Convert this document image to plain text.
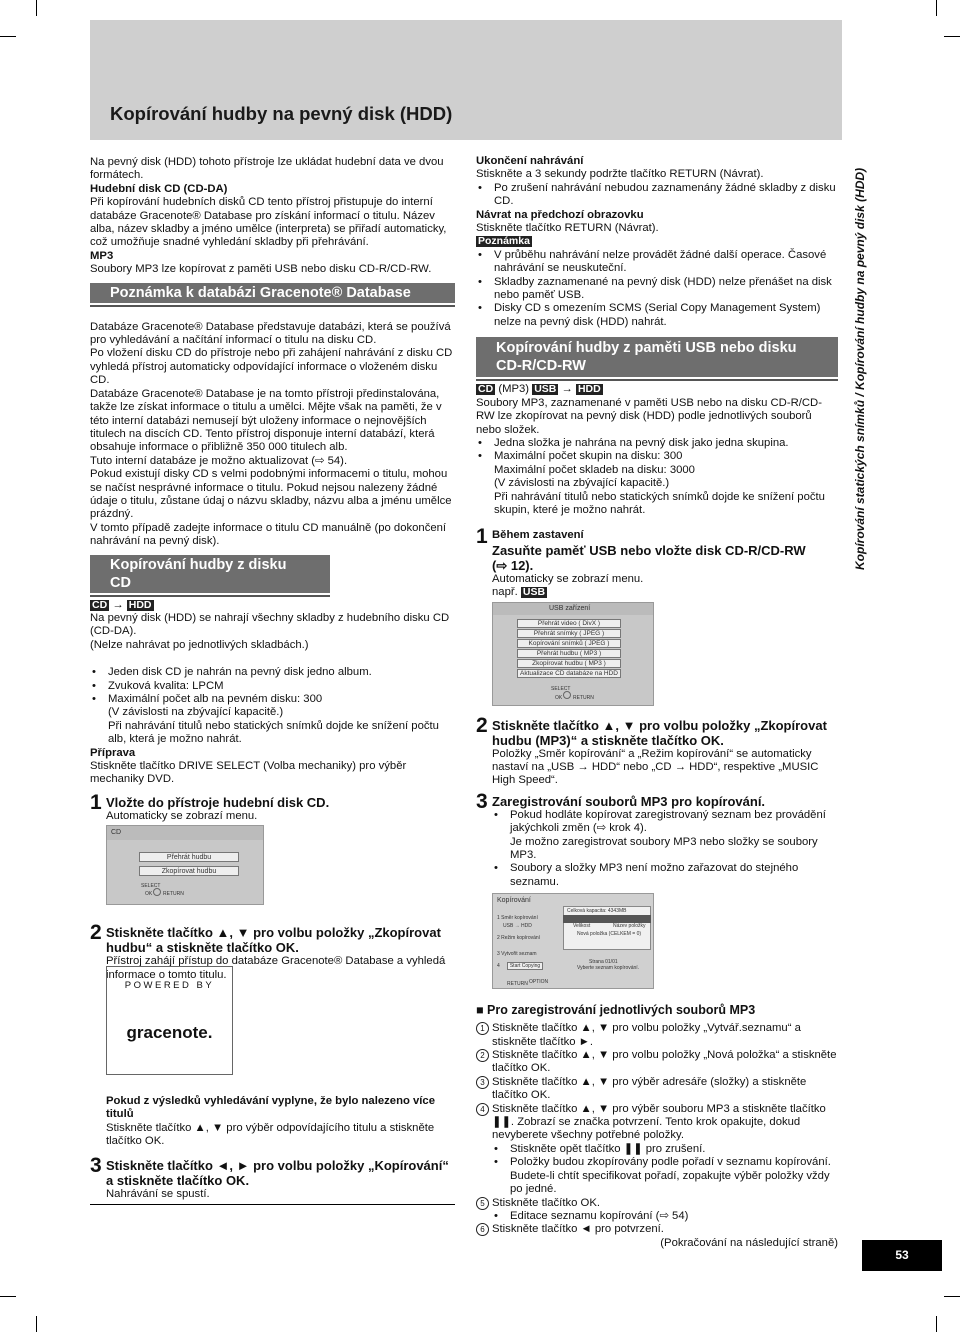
Kopírování hudby na pevný disk (HDD)

Na pevný disk (HDD) tohoto přístroje lze ukládat hudební data ve dvou formátech.

Hudební disk CD (CD-DA)

Při kopírování hudebních disků CD tento přístroj přistupuje do interní databáze Gracenote® Database pro získání informací o titulu. Název alba, název skladby a jméno umělce (interpreta) se přiřadí automaticky, což umožňuje snadné vyhledání skladby při přehrávání.

MP3

Soubory MP3 lze kopírovat z paměti USB nebo disku CD-R/CD-RW.

Poznámka k databázi Gracenote® Database

Databáze Gracenote® Database představuje databázi, která se používá pro vyhledávání a načítání informací o titulu na disku CD.

Po vložení disku CD do přístroje nebo při zahájení nahrávání z disku CD vyhledá přístroj automaticky odpovídající informace o vloženém disku CD.

Databáze Gracenote® Database je na tomto přístroji předinstalována, takže lze získat informace o titulu a umělci. Mějte však na paměti, že v této interní databázi nemusejí být uloženy informace o nejnovějších titulech na discích CD. Tento přístroj disponuje interní databází, která obsahuje informace o přibližně 350 000 titulech alb.

Tuto interní databáze je možno aktualizovat (⇨ 54).

Pokud existují disky CD s velmi podobnými informacemi o titulu, mohou se načíst nesprávné informace o titulu. Pokud nejsou nalezeny žádné údaje o titulu, zůstane údaj o názvu skladby, názvu alba a jménu umělce prázdný.

V tomto případě zadejte informace o titulu CD manuálně (po dokončení nahrávání na pevný disk).

Kopírování hudby z disku CD

CD → HDD

Na pevný disk (HDD) se nahrají všechny skladby z hudebního disku CD (CD-DA).

(Nelze nahrávat po jednotlivých skladbách.)

• Jeden disk CD je nahrán na pevný disk jedno album.
• Zvuková kvalita: LPCM
• Maximální počet alb na pevném disku: 300

(V závislosti na zbývající kapacitě.)

Při nahrávání titulů nebo statických snímků dojde ke snížení počtu alb, která je možno nahrát.

Příprava

Stiskněte tlačítko DRIVE SELECT (Volba mechaniky) pro výběr mechaniky DVD.

1 Vložte do přístroje hudební disk CD.

Automaticky se zobrazí menu.

CD
Přehrát hudbu
Zkopírovat hudbu
SELECT
OK RETURN
2 Stiskněte tlačítko ▲, ▼ pro volbu položky „Zkopírovat

hudbu“ a stiskněte tlačítko OK.

Přístroj zahájí přístup do databáze Gracenote® Database a vyhledá informace o tomto titulu.

POWERED BY
gracenote.

Pokud z výsledků vyhledávání vyplyne, že bylo nalezeno více titulů

Stiskněte tlačítko ▲, ▼ pro výběr odpovídajícího titulu a stiskněte tlačítko OK.

3 Stiskněte tlačítko ◄, ► pro volbu položky „Kopírování“

a stiskněte tlačítko OK.

Nahrávání se spustí.

Ukončení nahrávání

Stiskněte a 3 sekundy podržte tlačítko RETURN (Návrat).

• Po zrušení nahrávání nebudou zaznamenány žádné skladby z disku CD.

Návrat na předchozí obrazovku

Stiskněte tlačítko RETURN (Návrat).

Poznámka

• V průběhu nahrávání nelze provádět žádné další operace. Časové nahrávání se neuskuteční.
• Skladby zaznamenané na pevný disk (HDD) nelze přenášet na disk nebo paměť USB.
• Disky CD s omezením SCMS (Serial Copy Management System) nelze na pevný disk (HDD) nahrát.
Kopírování hudby z paměti USB nebo disku
CD-R/CD-RW

CD (MP3) USB → HDD

Soubory MP3, zaznamenané v paměti USB nebo na disku CD-R/CD-RW lze zkopírovat na pevný disk (HDD) podle jednotlivých souborů nebo složek.

• Jedna složka je nahrána na pevný disk jako jedna skupina.
• Maximální počet skupin na disku: 300

Maximální počet skladeb na disku: 3000

(V závislosti na zbývající kapacitě.)

Při nahrávání titulů nebo statických snímků dojde ke snížení počtu skupin, které je možno nahrát.

1 Během zastavení

Zasuňte paměť USB nebo vložte disk CD-R/CD-RW

(⇨ 12).

Automaticky se zobrazí menu.

např. USB

USB zařízení
Přehrát video ( DivX )
Přehrát snímky ( JPEG )
Kopírování snímků ( JPEG )
Přehrát hudbu ( MP3 )
Zkopírovat hudbu ( MP3 )
Aktualizace CD databáze na HDD
SELECT
OK RETURN
2 Stiskněte tlačítko ▲, ▼ pro volbu položky „Zkopírovat

hudbu (MP3)“ a stiskněte tlačítko OK.

Položky „Směr kopírování“ a „Režim kopírování“ se automaticky nastaví na „USB → HDD“ nebo „CD → HDD“, respektive „MUSIC High Speed“.

3 Zaregistrování souborů MP3 pro kopírování.

• Pokud hodláte kopírovat zaregistrovaný seznam bez provádění jakýchkoli změn (⇨ krok 4).

Je možno zaregistrovat soubory MP3 nebo složky se soubory MP3.

• Soubory a složky MP3 není možno zařazovat do stejného seznamu.
Kopírování
Celková kapacita: 4343MB
Velikost	Název položky
Nová položka (CELKEM = 0)
1 Směr kopírování
USB → HDD
2 Režim kopírování
3 Vytvořit seznam
4	Start Copying
Strana 01/01
Vyberte seznam kopírování.
RETURN OPTION

■ Pro zaregistrování jednotlivých souborů MP3

1 Stiskněte tlačítko ▲, ▼ pro volbu položky „Vytvář.seznamu“ a stiskněte tlačítko ►.

2 Stiskněte tlačítko ▲, ▼ pro volbu položky „Nová položka“ a stiskněte tlačítko OK.

3 Stiskněte tlačítko ▲, ▼ pro výběr adresáře (složky) a stiskněte tlačítko OK.

4 Stiskněte tlačítko ▲, ▼ pro výběr souboru MP3 a stiskněte tlačítko ❚❚. Zobrazí se značka potvrzení. Tento krok opakujte, dokud nevyberete všechny potřebné položky.

• Stiskněte opět tlačítko ❚❚ pro zrušení.
• Položky budou zkopírovány podle pořadí v seznamu kopírování. Budete-li chtít specifikovat pořadí, zopakujte výběr položky vždy po jedné.

5 Stiskněte tlačítko OK.

• Editace seznamu kopírování (⇨ 54)

6 Stiskněte tlačítko ◄ pro potvrzení.

(Pokračování na následující straně)

Kopírování statických snímků / Kopírování hudby na pevný disk (HDD)
53
